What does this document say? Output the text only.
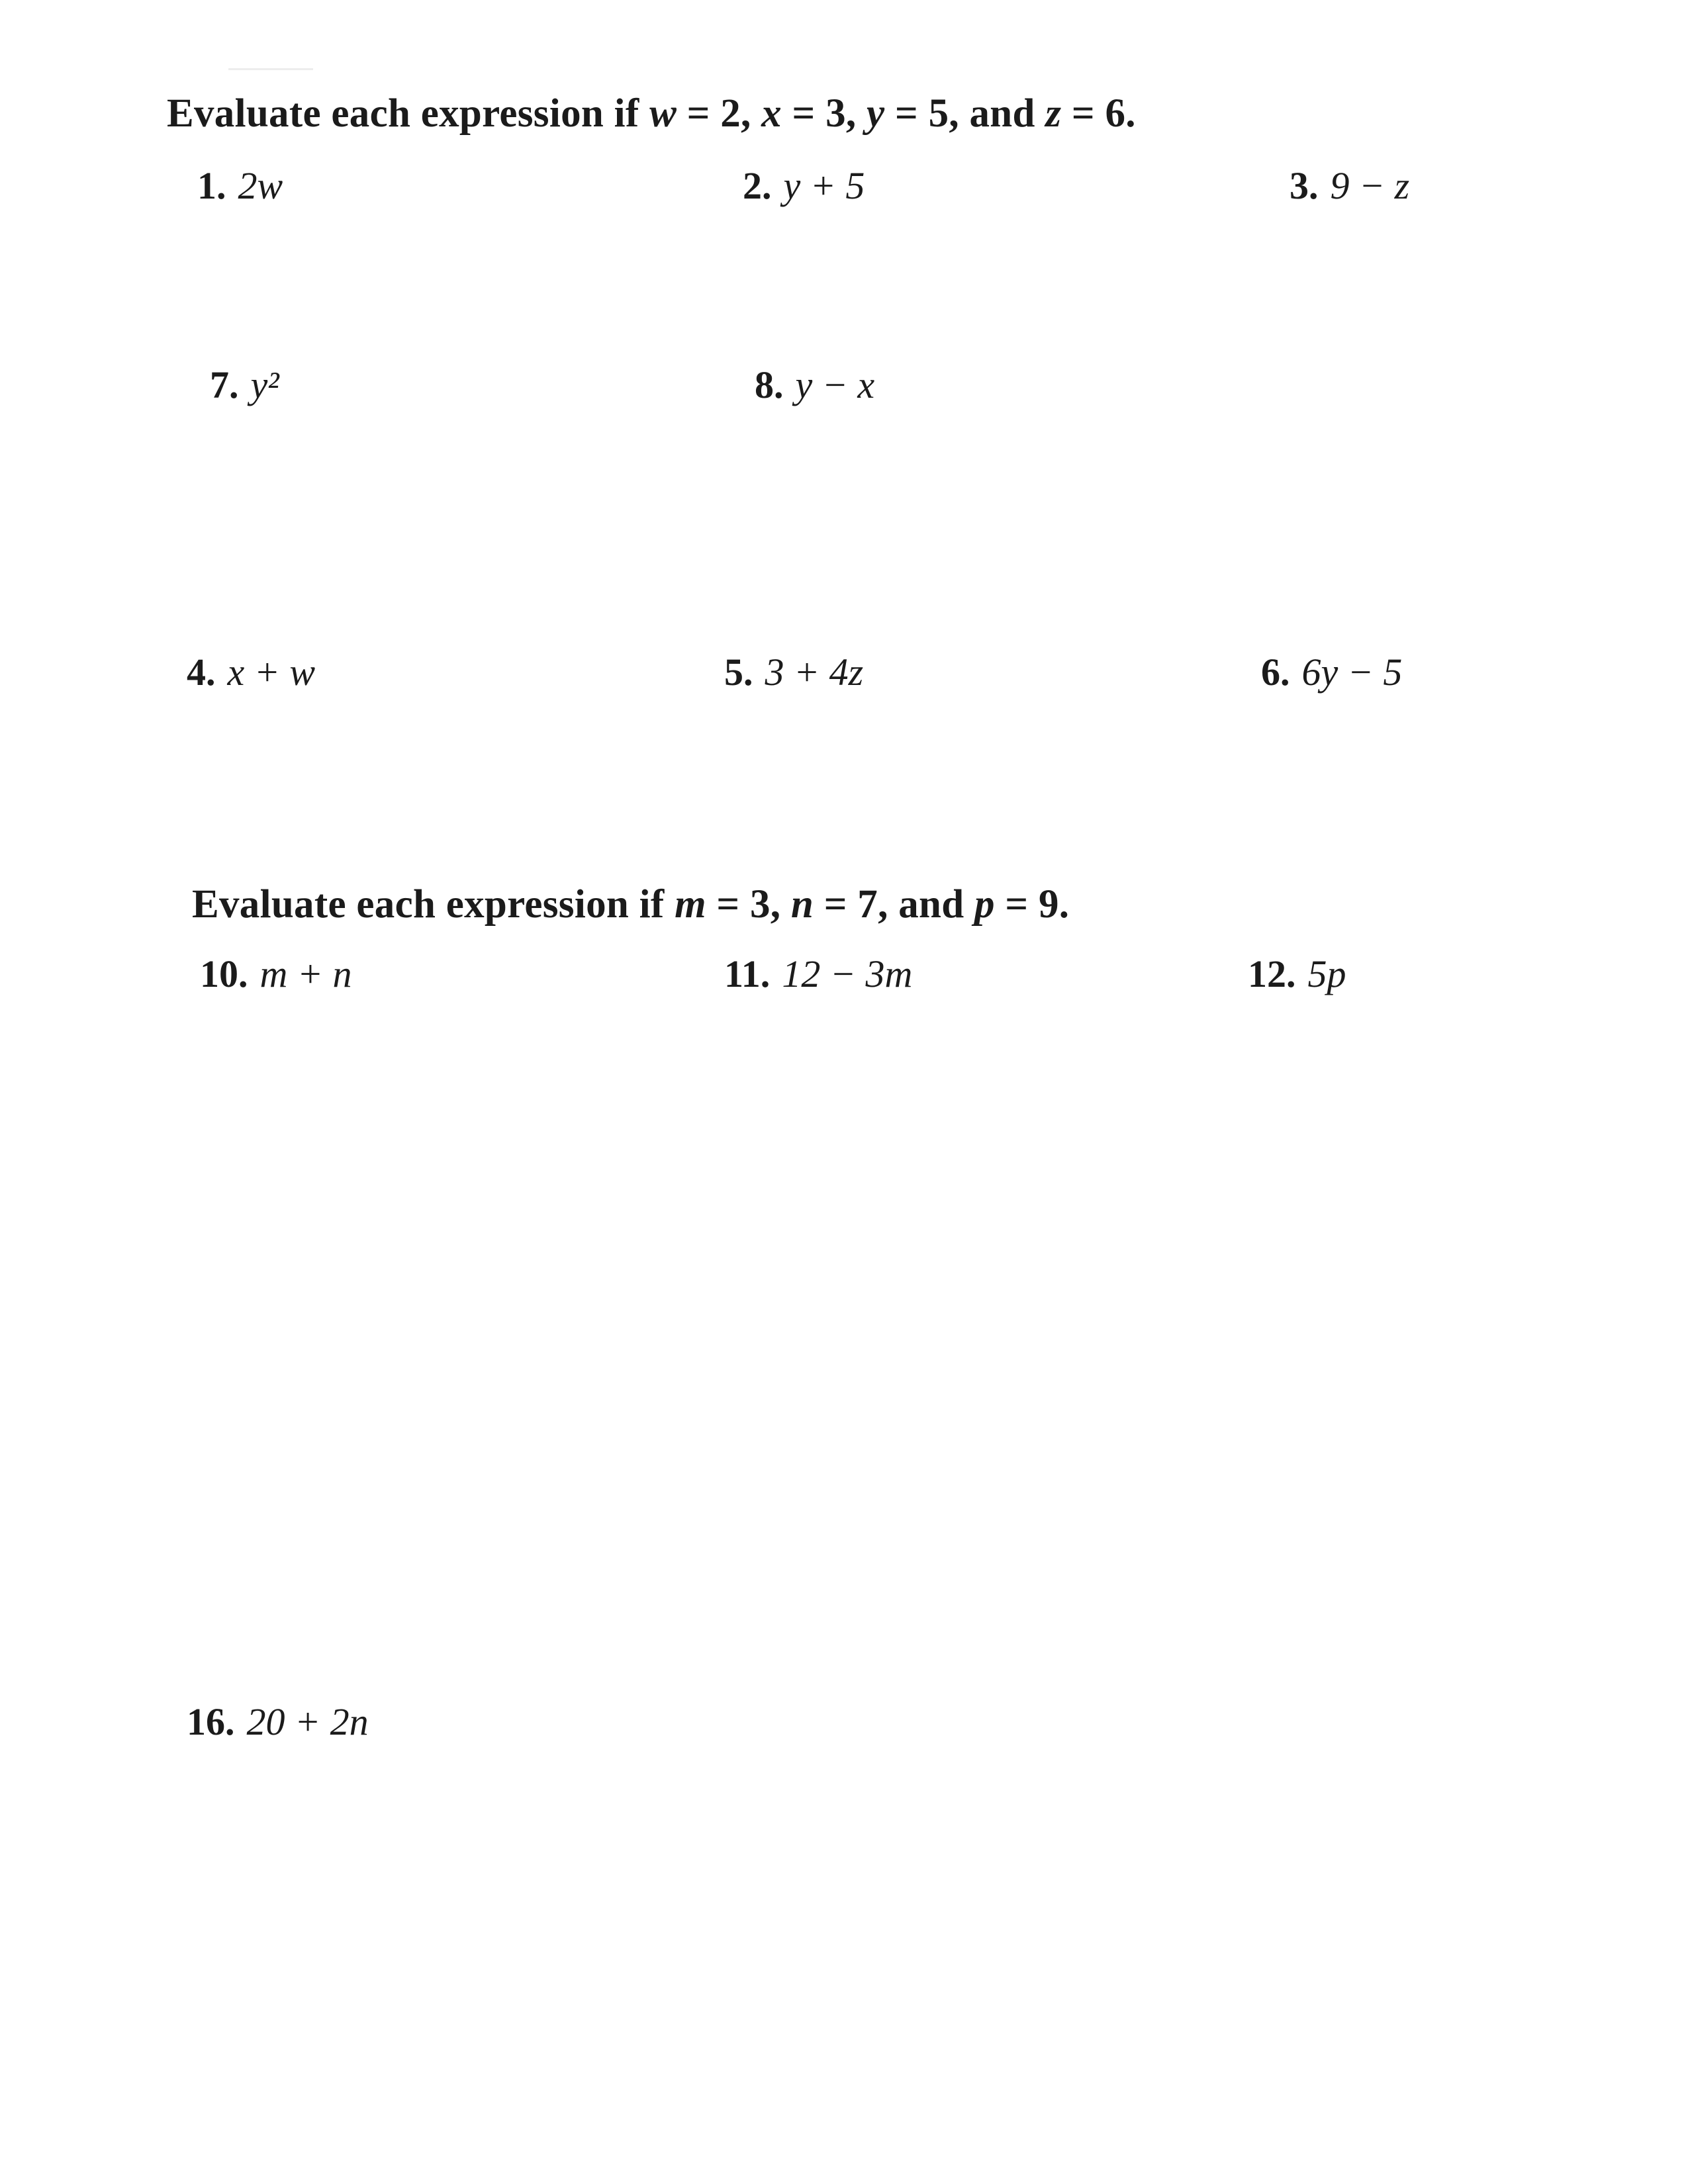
Evaluate each expression if w = 2, x = 3, y = 5, and z = 6.
1. 2w	2. y + 5	3. 9 − z
7. y²	8. y − x
4. x + w	5. 3 + 4z	6. 6y − 5
Evaluate each expression if m = 3, n = 7, and p = 9.
10. m + n	11. 12 − 3m	12. 5p
16. 20 + 2n
